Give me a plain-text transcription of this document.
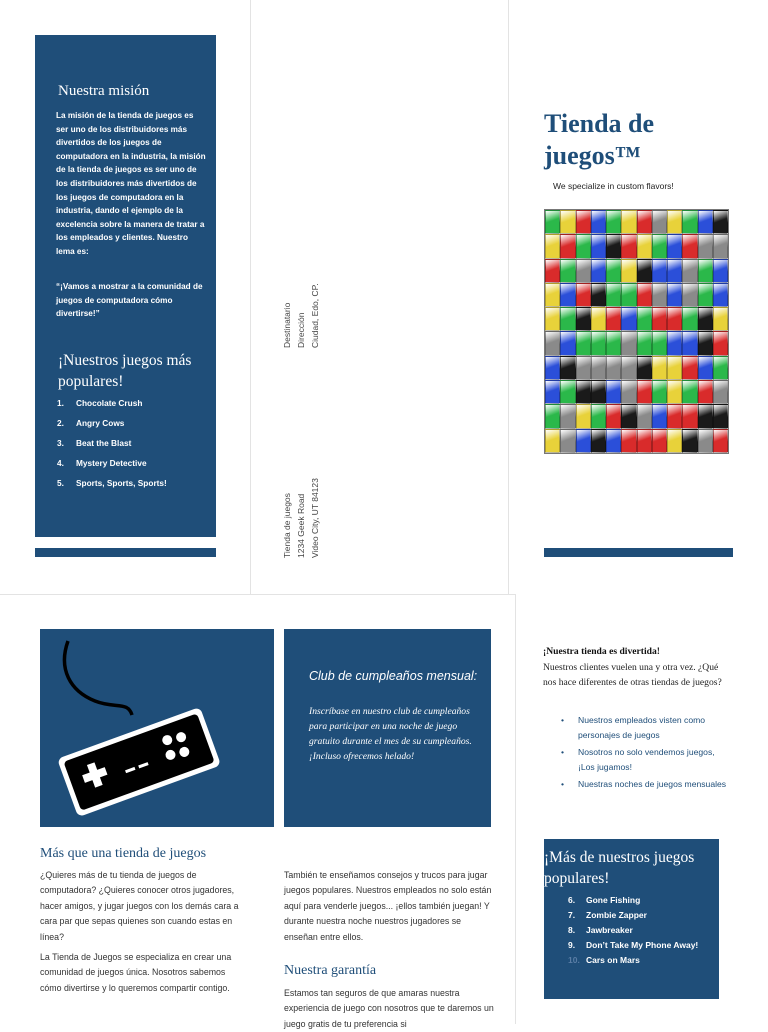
Nuestra misión
La misión de la tienda de juegos es ser uno de los distribuidores más divertidos de los juegos de computadora en la industria, la misión de la tienda de juegos es ser uno de los distribuidores más divertidos de los juegos de computadora en la industria, dando el ejemplo de la excelencia sobre la manera de tratar a los empleados y clientes. Nuestro lema es:
“¡Vamos a mostrar a la comunidad de juegos de computadora cómo divertirse!”
¡Nuestros juegos más populares!
1.	Chocolate Crush
2.	Angry Cows
3.	Beat the Blast
4.	Mystery Detective
5.	Sports, Sports, Sports!
Destinatario Dirección Ciudad, Edo, CP.
Tienda de juegos 1234 Geek Road Video City, UT 84123
Tienda de
juegos™
We specialize in custom flavors!
Club de cumpleaños mensual:
Inscríbase en nuestro club de cumpleaños para participar en una noche de juego gratuito durante el mes de su cumpleaños. ¡Incluso ofrecemos helado!
Más que una tienda de juegos
¿Quieres más de tu tienda de juegos de computadora? ¿Quieres conocer otros jugadores, hacer amigos, y jugar juegos con los demás cara a cara par que sepas quienes son cuando estas en línea?
La Tienda de Juegos se especializa en crear una comunidad de juegos única. Nosotros sabemos cómo divertirse y lo queremos compartir contigo.
También te enseñamos consejos y trucos para jugar juegos populares. Nuestros empleados no solo están aquí para venderle juegos... ¡ellos también juegan! Y durante nuestra noche nuestros jugadores se enseñan entre ellos.
Nuestra garantía
Estamos tan seguros de que amaras nuestra experiencia de juego con nosotros que te daremos un juego gratis de tu preferencia si
¡Nuestra tienda es divertida!
Nuestros clientes vuelen una y otra vez. ¿Qué nos hace diferentes de otras tiendas de juegos?
• Nuestros empleados visten como personajes de juegos
• Nosotros no solo vendemos juegos, ¡Los jugamos!
• Nuestras noches de juegos mensuales
¡Más de nuestros juegos populares!
6.	Gone Fishing
7.	Zombie Zapper
8.	Jawbreaker
9.	Don’t Take My Phone Away!
10. Cars on Mars
